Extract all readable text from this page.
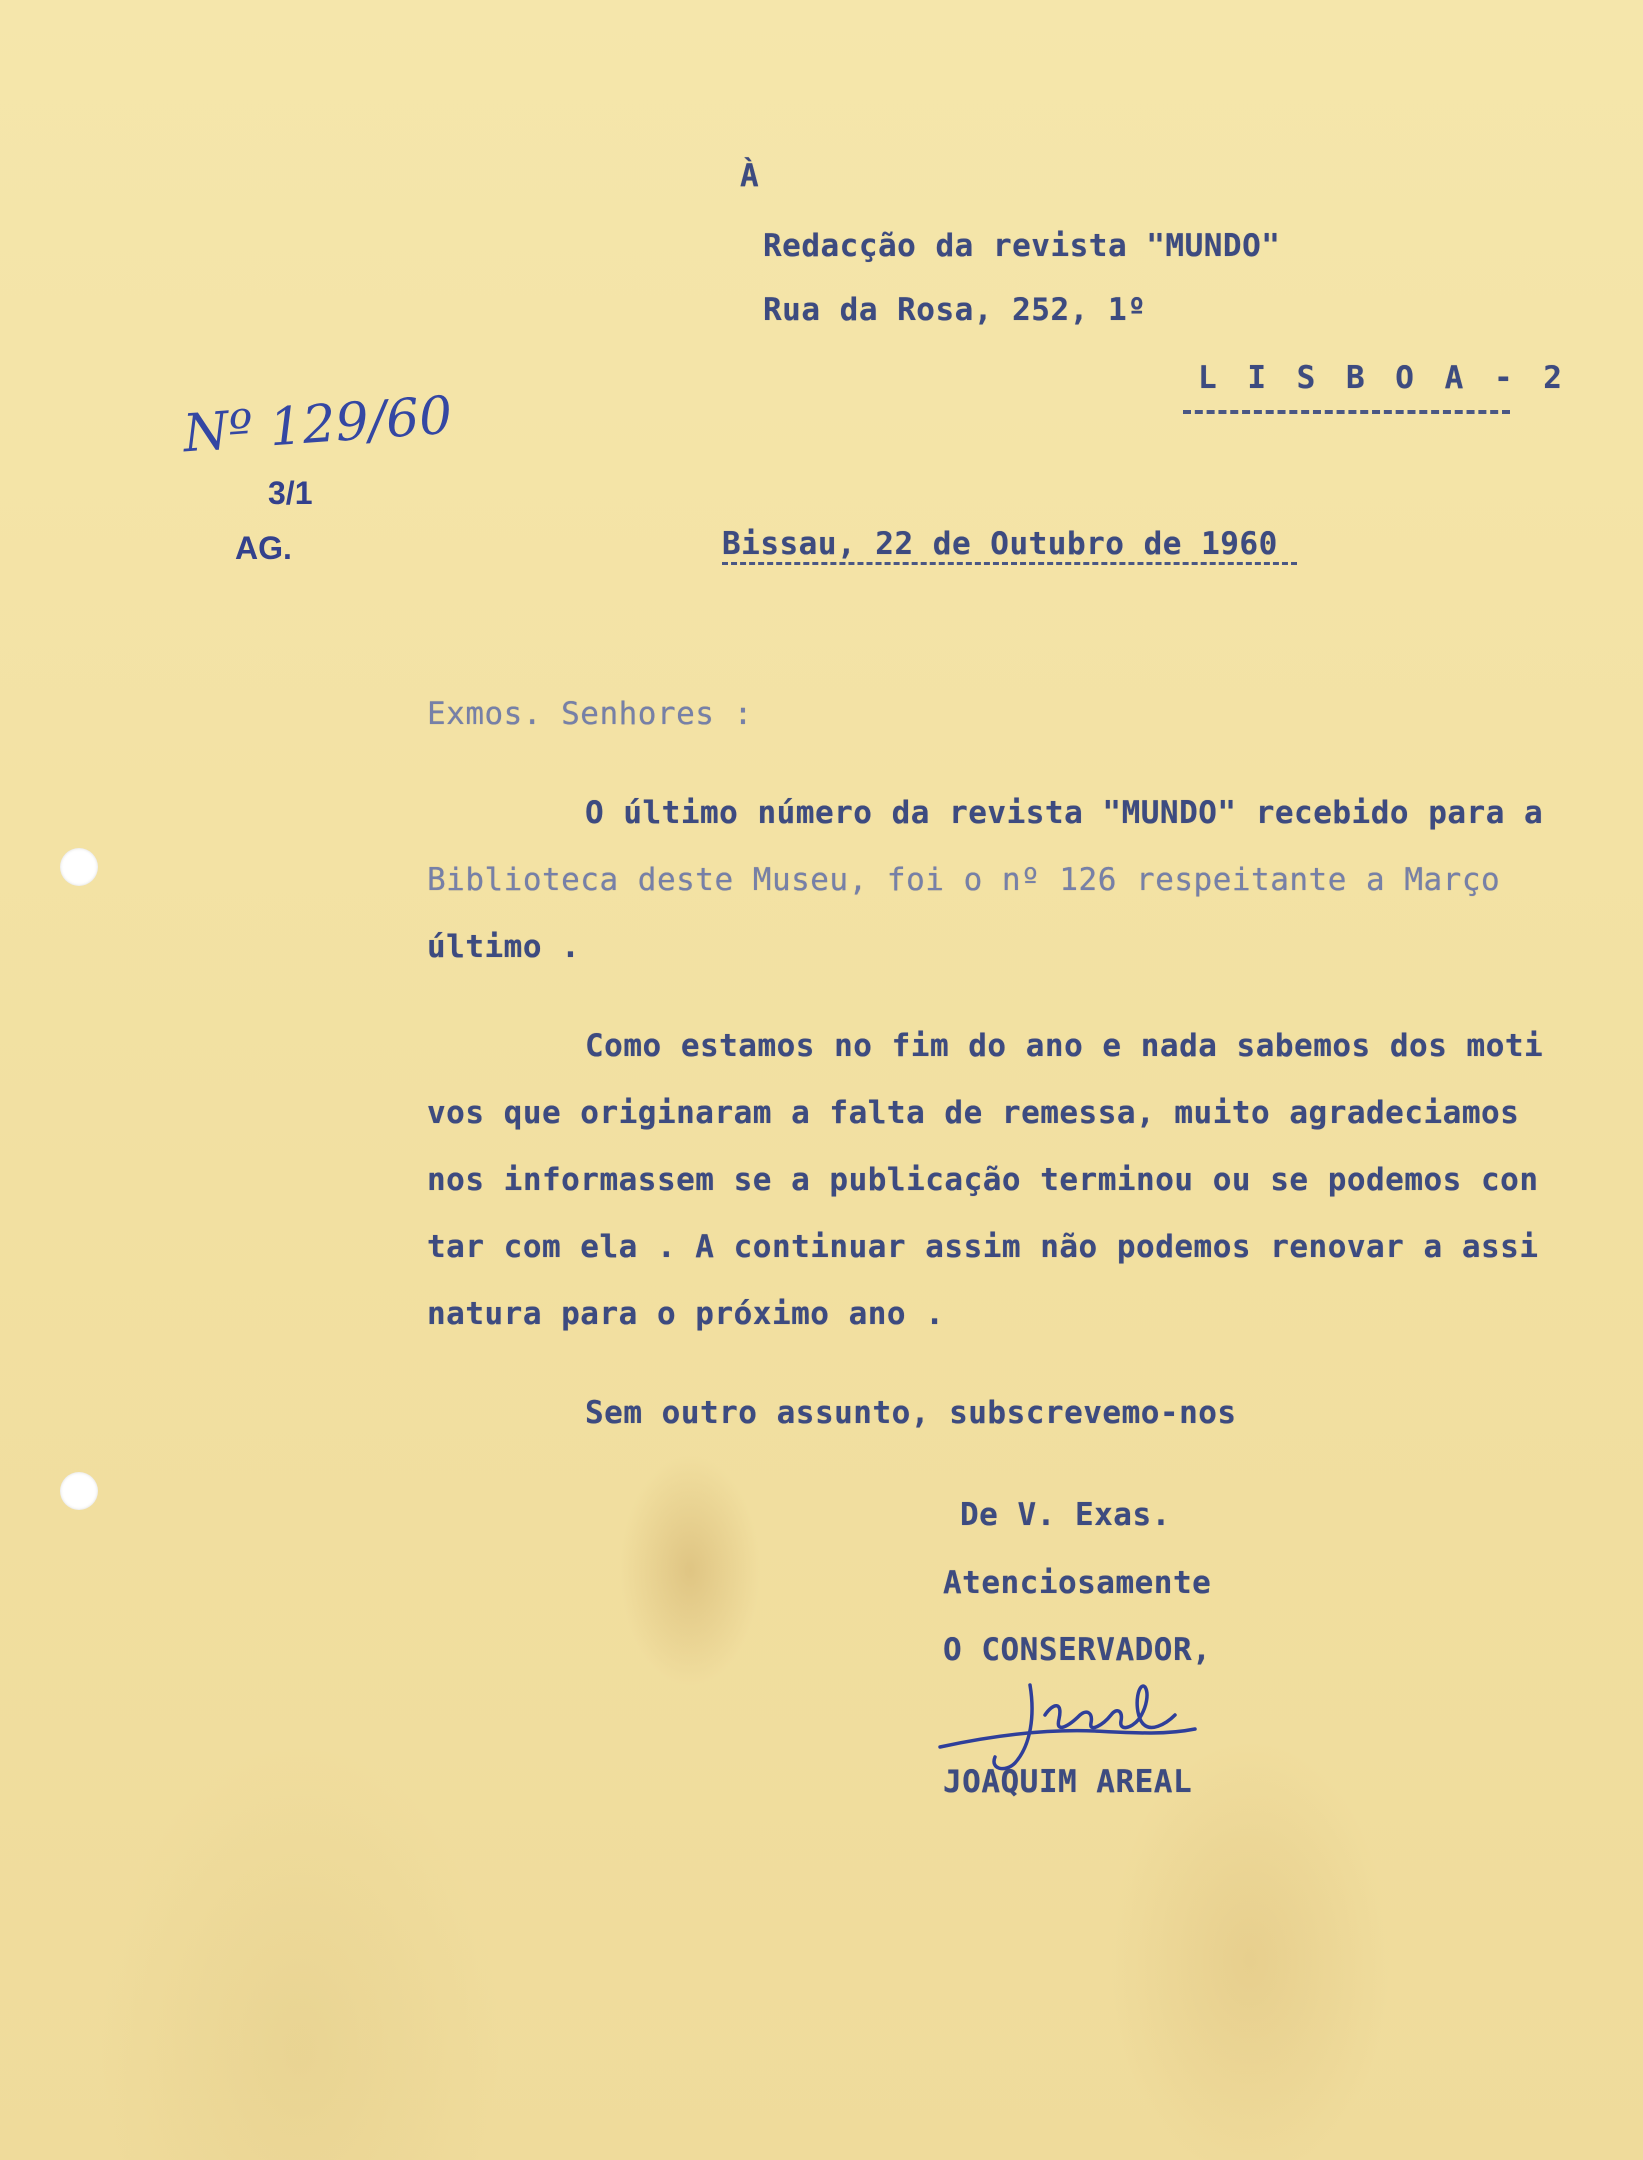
À
Redacção da revista "MUNDO"
Rua da Rosa, 252, 1º
L I S B O A - 2
Nº 129/60
3/1
AG.	Bissau, 22 de Outubro de 1960
Exmos. Senhores :
O último número da revista "MUNDO" recebido para a
Biblioteca deste Museu, foi o nº 126 respeitante a Março
último .
Como estamos no fim do ano e nada sabemos dos moti
vos que originaram a falta de remessa, muito agradeciamos
nos informassem se a publicação terminou ou se podemos con
tar com ela . A continuar assim não podemos renovar a assi
natura para o próximo ano .
Sem outro assunto, subscrevemo-nos
De V. Exas.
Atenciosamente
O CONSERVADOR,
JOAQUIM AREAL
